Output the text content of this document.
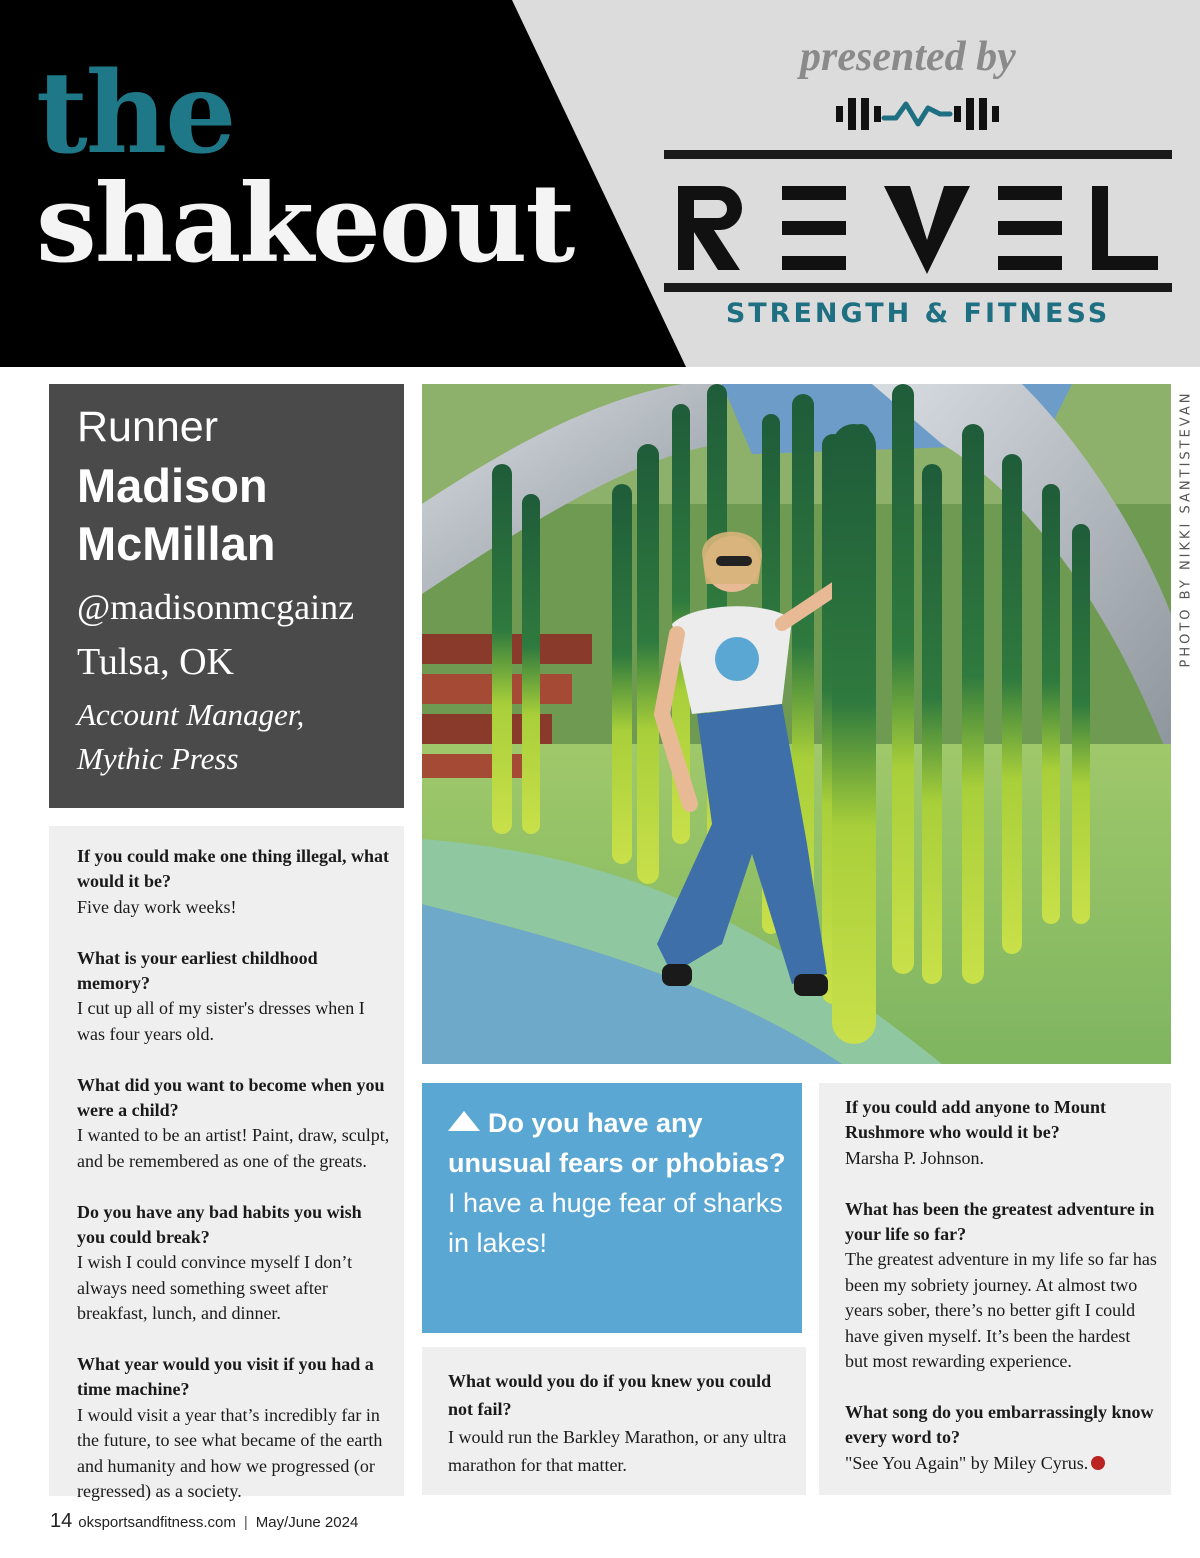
the
shakeout
presented by
STRENGTH & FITNESS
Runner
Madison
McMillan
@madisonmcgainz
Tulsa, OK
Account Manager,
Mythic Press
If you could make one thing illegal, what would it be?
Five day work weeks!
What is your earliest childhood memory?
I cut up all of my sister's dresses when I was four years old.
What did you want to become when you were a child?
I wanted to be an artist! Paint, draw, sculpt, and be remembered as one of the greats.
Do you have any bad habits you wish you could break?
I wish I could convince myself I don’t always need something sweet after breakfast, lunch, and dinner.
What year would you visit if you had a time machine?
I would visit a year that’s incredibly far in the future, to see what became of the earth and humanity and how we progressed (or regressed) as a society.
PHOTO BY NIKKI SANTISTEVAN
Do you have any unusual fears or phobias?
I have a huge fear of sharks in lakes!
What would you do if you knew you could not fail?
I would run the Barkley Marathon, or any ultra marathon for that matter.
If you could add anyone to Mount Rushmore who would it be?
Marsha P. Johnson.
What has been the greatest adventure in your life so far?
The greatest adventure in my life so far has been my sobriety journey. At almost two years sober, there’s no better gift I could have given myself. It’s been the hardest but most rewarding experience.
What song do you embarrassingly know every word to?
"See You Again" by Miley Cyrus.
14 oksportsandfitness.com | May/June 2024
